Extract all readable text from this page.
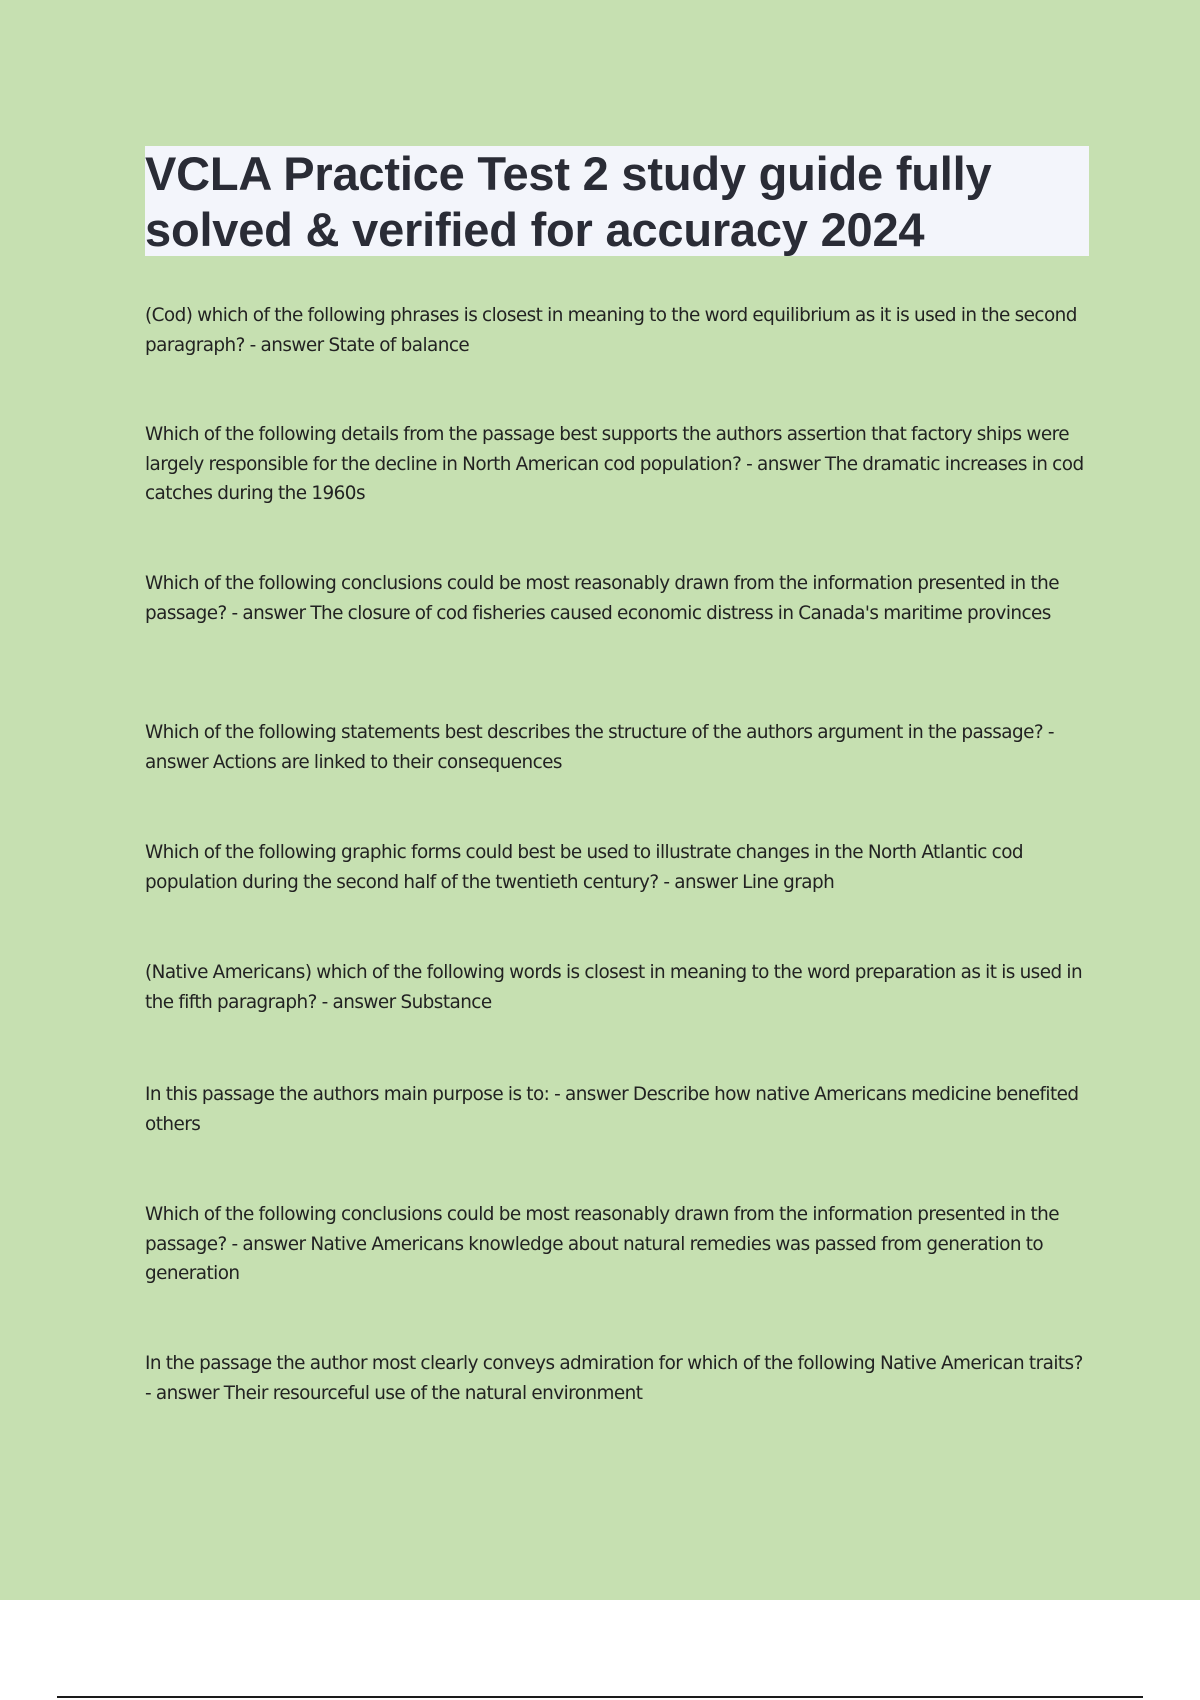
VCLA Practice Test 2 study guide fully solved & verified for accuracy 2024

(Cod) which of the following phrases is closest in meaning to the word equilibrium as it is used in the second paragraph? - answer State of balance

Which of the following details from the passage best supports the authors assertion that factory ships were largely responsible for the decline in North American cod population? - answer The dramatic increases in cod catches during the 1960s

Which of the following conclusions could be most reasonably drawn from the information presented in the passage? - answer The closure of cod fisheries caused economic distress in Canada's maritime provinces

Which of the following statements best describes the structure of the authors argument in the passage? - answer Actions are linked to their consequences

Which of the following graphic forms could best be used to illustrate changes in the North Atlantic cod population during the second half of the twentieth century? - answer Line graph

(Native Americans) which of the following words is closest in meaning to the word preparation as it is used in the fifth paragraph? - answer Substance

In this passage the authors main purpose is to: - answer Describe how native Americans medicine benefited others

Which of the following conclusions could be most reasonably drawn from the information presented in the passage? - answer Native Americans knowledge about natural remedies was passed from generation to generation

In the passage the author most clearly conveys admiration for which of the following Native American traits? - answer Their resourceful use of the natural environment
